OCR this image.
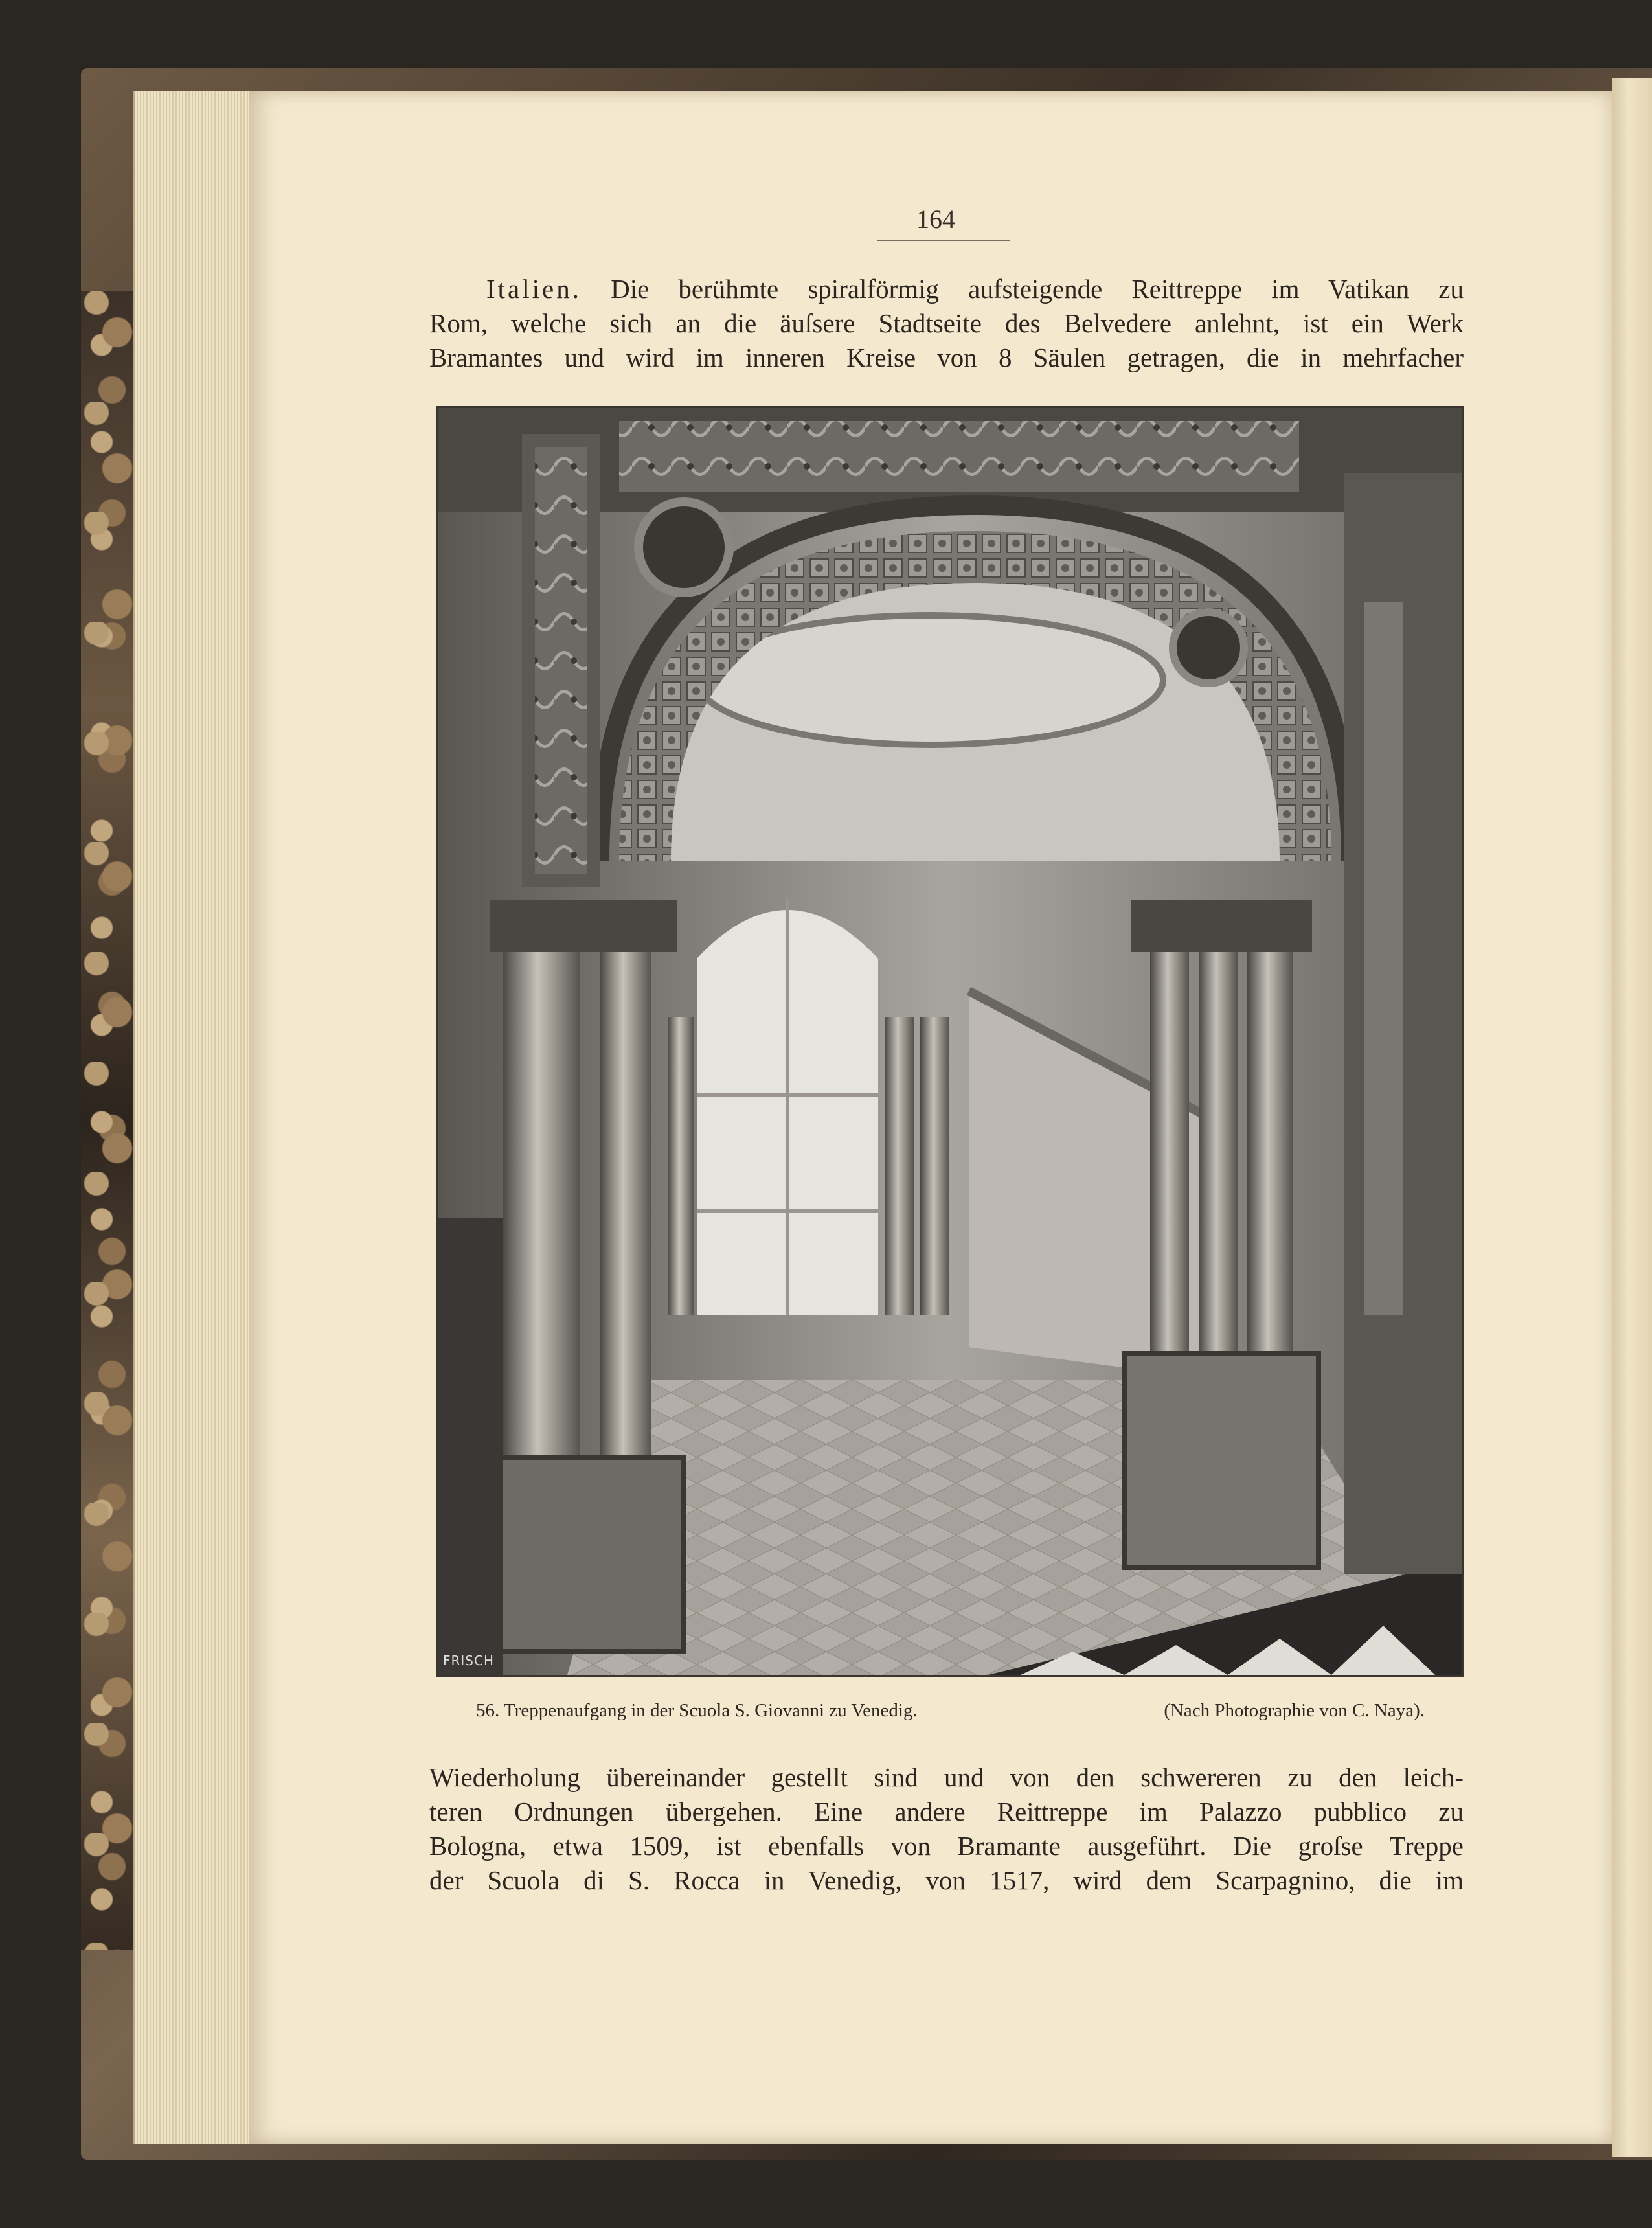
164
Italien. Die berühmte spiralförmig aufsteigende Reittreppe im Vatikan zu
Rom, welche sich an die äuſsere Stadtseite des Belvedere anlehnt, ist ein Werk
Bramantes und wird im inneren Kreise von 8 Säulen getragen, die in mehrfacher
FRISCH
56. Treppenaufgang in der Scuola S. Giovanni zu Venedig.	(Nach Photographie von C. Naya).
Wiederholung übereinander gestellt sind und von den schwereren zu den leich-
teren Ordnungen übergehen. Eine andere Reittreppe im Palazzo pubblico zu
Bologna, etwa 1509, ist ebenfalls von Bramante ausgeführt. Die groſse Treppe
der Scuola di S. Rocca in Venedig, von 1517, wird dem Scarpagnino, die im
